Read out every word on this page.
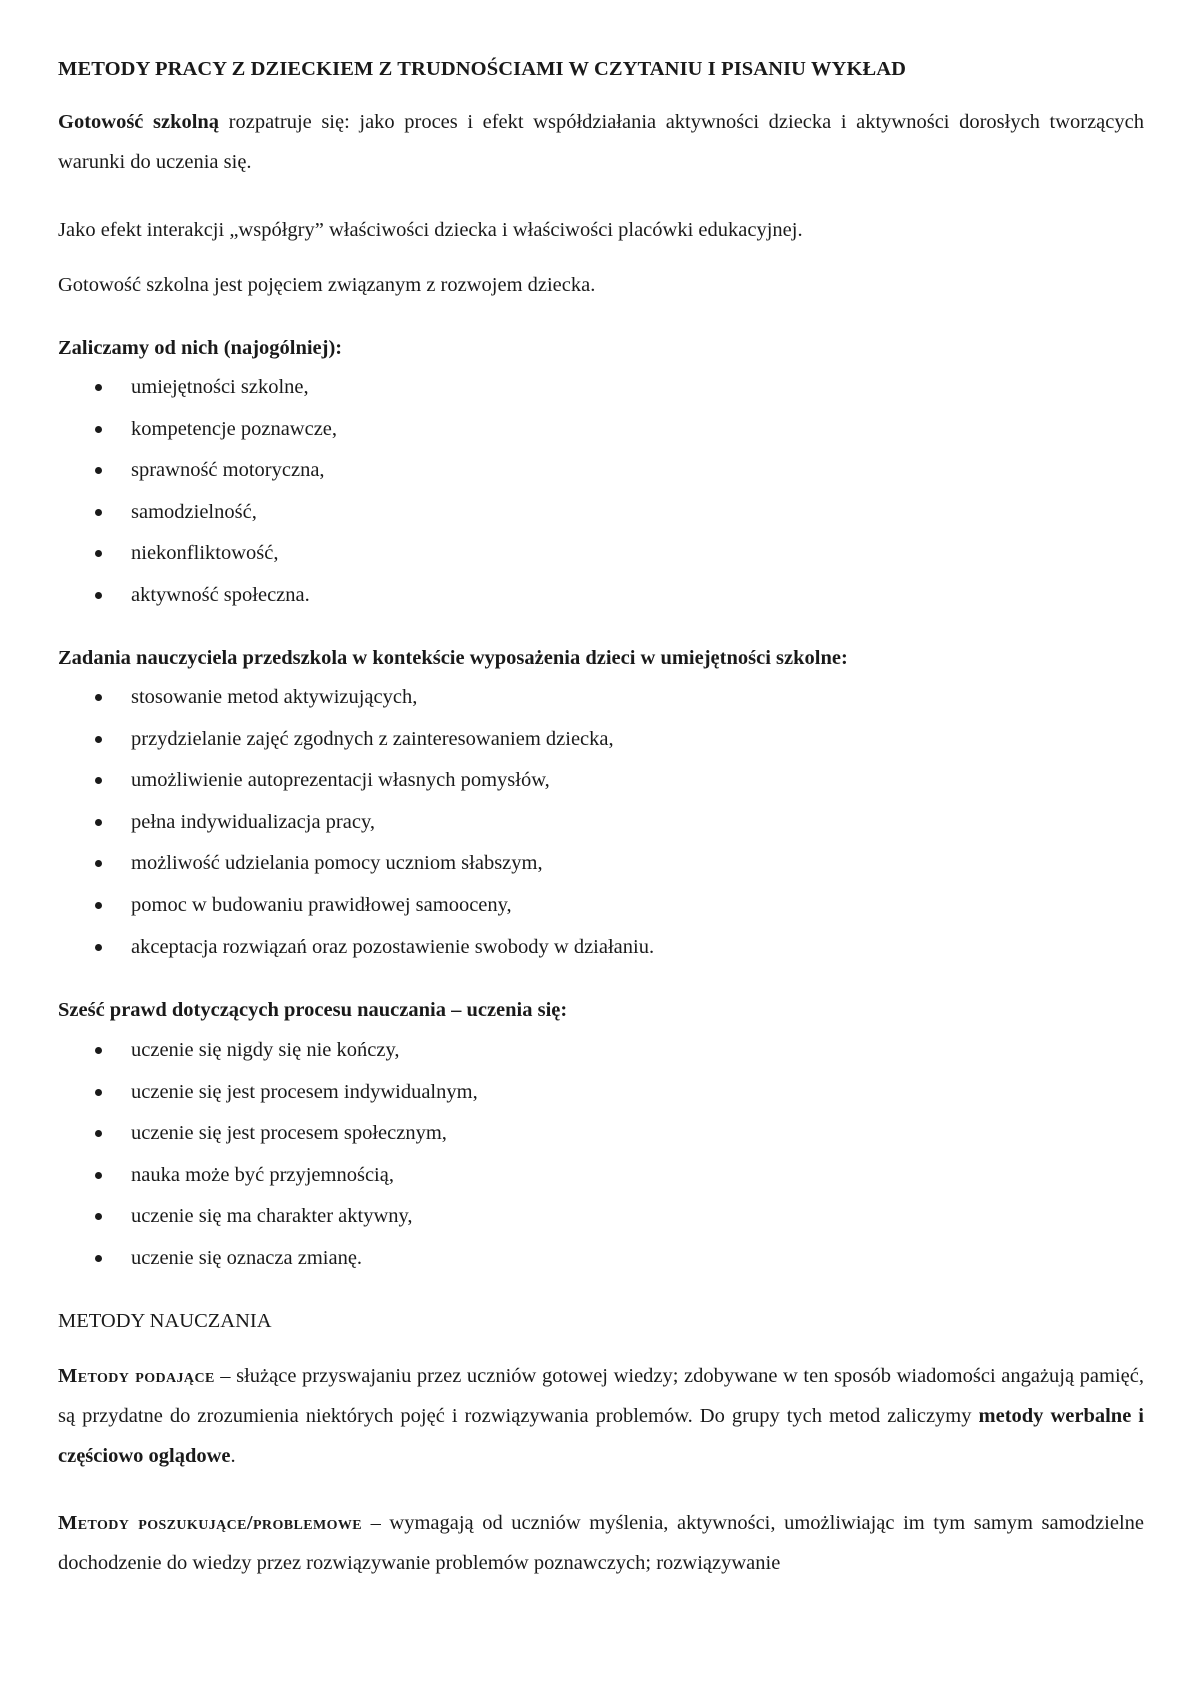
METODY PRACY Z DZIECKIEM Z TRUDNOŚCIAMI W CZYTANIU I PISANIU WYKŁAD
Gotowość szkolną rozpatruje się: jako proces i efekt współdziałania aktywności dziecka i aktywności dorosłych tworzących warunki do uczenia się.
Jako efekt interakcji „współgry” właściwości dziecka i właściwości placówki edukacyjnej.
Gotowość szkolna jest pojęciem związanym z rozwojem dziecka.
Zaliczamy od nich (najogólniej):
umiejętności szkolne,
kompetencje poznawcze,
sprawność motoryczna,
samodzielność,
niekonfliktowość,
aktywność społeczna.
Zadania nauczyciela przedszkola w kontekście wyposażenia dzieci w umiejętności szkolne:
stosowanie metod aktywizujących,
przydzielanie zajęć zgodnych z zainteresowaniem dziecka,
umożliwienie autoprezentacji własnych pomysłów,
pełna indywidualizacja pracy,
możliwość udzielania pomocy uczniom słabszym,
pomoc w budowaniu prawidłowej samooceny,
akceptacja rozwiązań oraz pozostawienie swobody w działaniu.
Sześć prawd dotyczących procesu nauczania – uczenia się:
uczenie się nigdy się nie kończy,
uczenie się jest procesem indywidualnym,
uczenie się jest procesem społecznym,
nauka może być przyjemnością,
uczenie się ma charakter aktywny,
uczenie się oznacza zmianę.
METODY NAUCZANIA
Metody podające – służące przyswajaniu przez uczniów gotowej wiedzy; zdobywane w ten sposób wiadomości angażują pamięć, są przydatne do zrozumienia niektórych pojęć i rozwiązywania problemów. Do grupy tych metod zaliczymy metody werbalne i częściowo oglądowe.
Metody poszukujące/problemowe – wymagają od uczniów myślenia, aktywności, umożliwiając im tym samym samodzielne dochodzenie do wiedzy przez rozwiązywanie problemów poznawczych; rozwiązywanie
